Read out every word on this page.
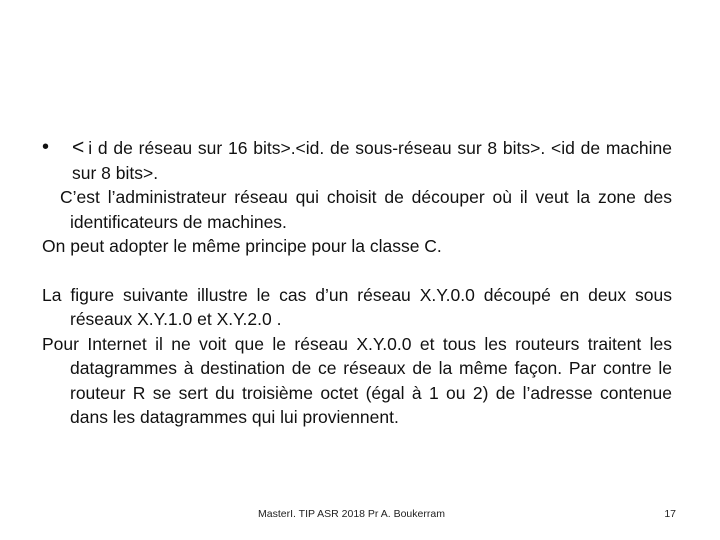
• < i d de réseau sur 16 bits>.<id. de sous-réseau sur 8 bits>. <id de machine sur 8 bits>.

C’est l’administrateur réseau qui choisit de découper où il veut la zone des identificateurs de machines.

On peut adopter le même principe pour la classe C.

La figure suivante illustre le cas d’un réseau X.Y.0.0 découpé en deux sous réseaux X.Y.1.0 et X.Y.2.0 .

Pour Internet il ne voit que le réseau X.Y.0.0 et tous les routeurs traitent les datagrammes à destination de ce réseaux de la même façon. Par contre le routeur R se sert du troisième octet (égal à 1 ou 2) de l’adresse contenue dans les datagrammes qui lui proviennent.

MasterI. TIP ASR 2018 Pr A. Boukerram	17
